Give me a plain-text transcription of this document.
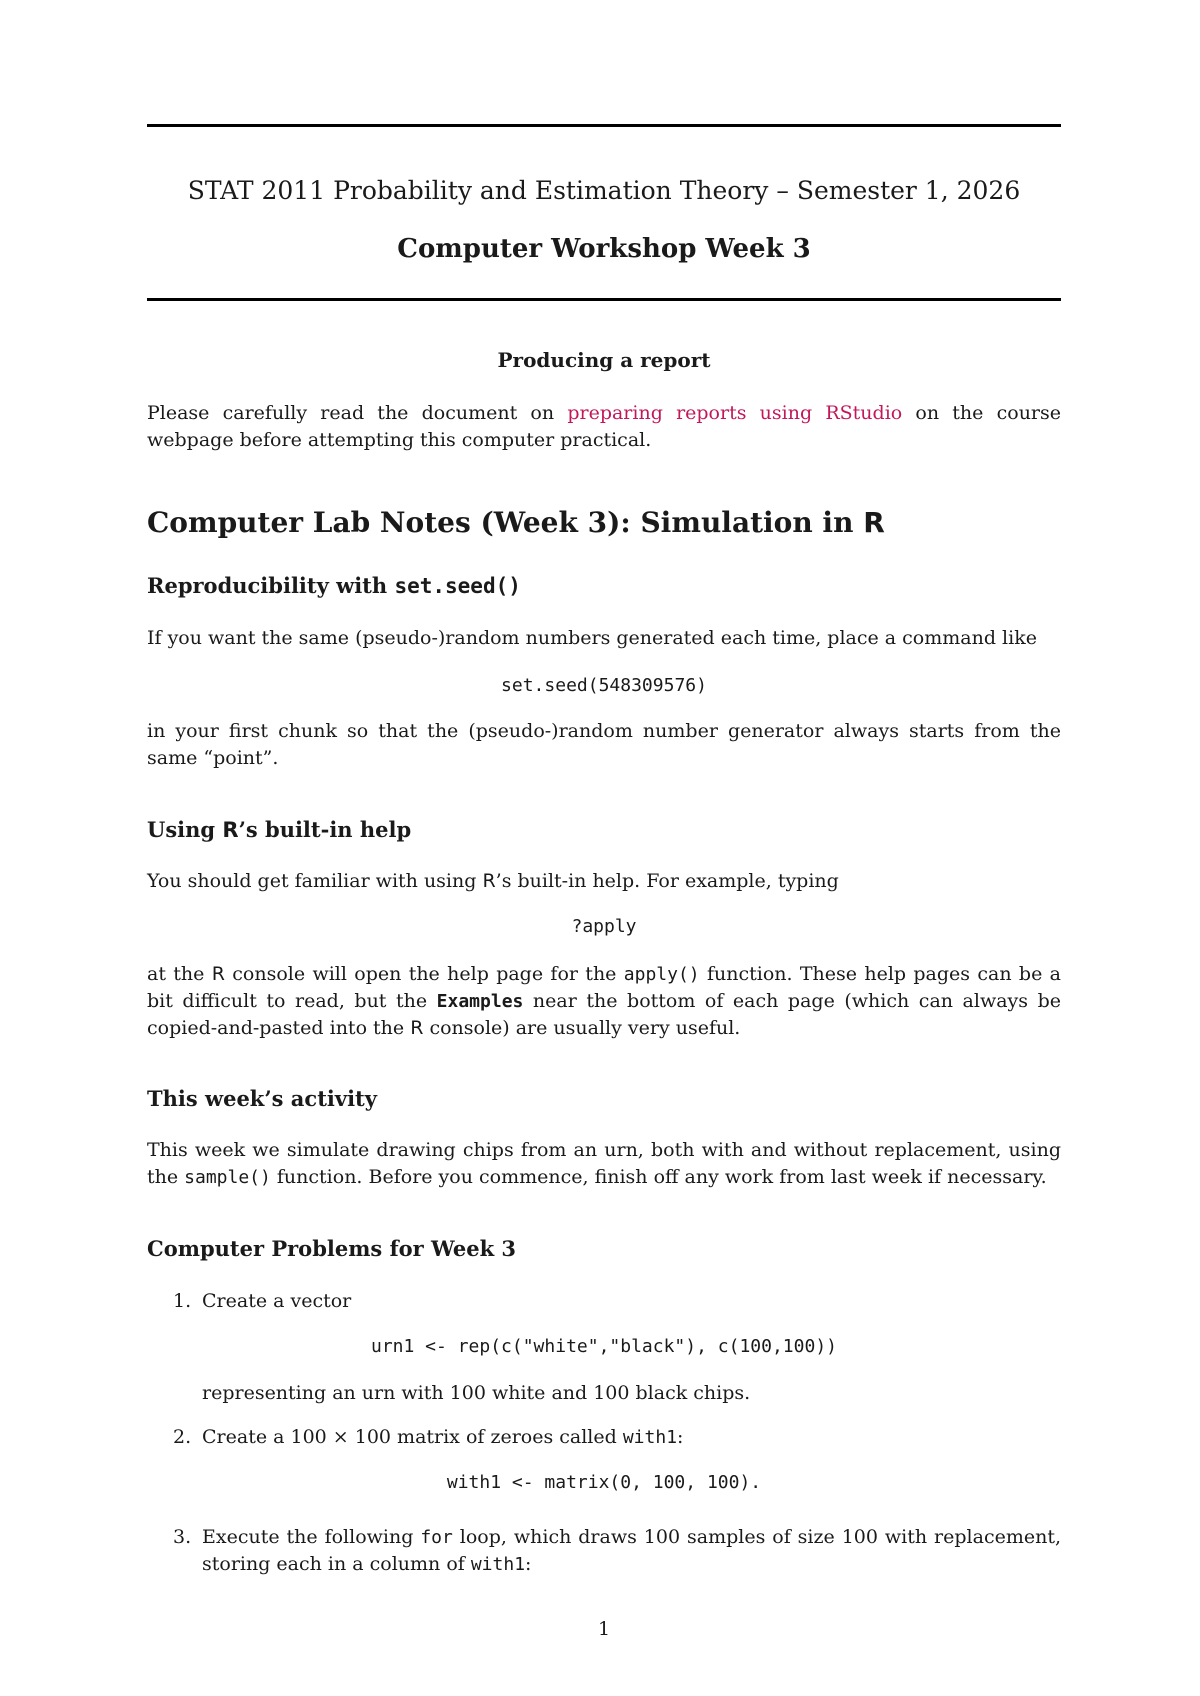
STAT 2011 Probability and Estimation Theory – Semester 1, 2026
Computer Workshop Week 3
Producing a report

Please carefully read the document on preparing reports using RStudio on the course webpage before attempting this computer practical.

Computer Lab Notes (Week 3): Simulation in R
Reproducibility with set.seed()

If you want the same (pseudo-)random numbers generated each time, place a command like

set.seed(548309576)

in your first chunk so that the (pseudo-)random number generator always starts from the same “point”.

Using R’s built-in help

You should get familiar with using R’s built-in help. For example, typing

?apply

at the R console will open the help page for the apply() function. These help pages can be a bit difficult to read, but the Examples near the bottom of each page (which can always be copied-and-pasted into the R console) are usually very useful.

This week’s activity

This week we simulate drawing chips from an urn, both with and without replacement, using the sample() function. Before you commence, finish off any work from last week if necessary.

Computer Problems for Week 3
1. Create a vector
urn1 <- rep(c("white","black"), c(100,100))
representing an urn with 100 white and 100 black chips.
2. Create a 100 × 100 matrix of zeroes called with1:
with1 <- matrix(0, 100, 100).
3. Execute the following for loop, which draws 100 samples of size 100 with replacement, storing each in a column of with1:
1
